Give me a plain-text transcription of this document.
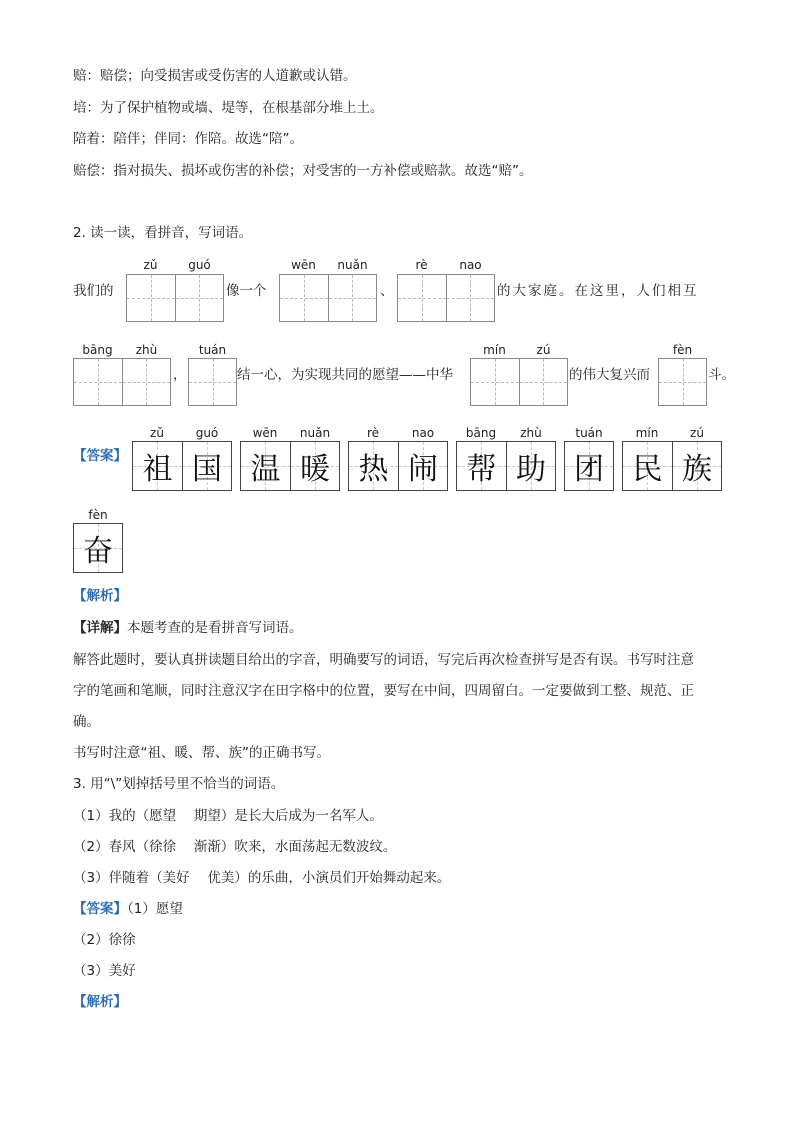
赔：赔偿；向受损害或受伤害的人道歉或认错。
培：为了保护植物或墙、堤等，在根基部分堆上土。
陪着：陪伴；伴同：作陪。故选“陪”。
赔偿：指对损失、损坏或伤害的补偿；对受害的一方补偿或赔款。故选“赔”。
2. 读一读，看拼音，写词语。
我们的
zǔ	guó
像一个
wēn	nuǎn
、
rè	nao
的大家庭。在这里，人们相互
bāng	zhù
，
tuán
结一心，为实现共同的愿望——中华
mín	zú
的伟大复兴而
fèn
斗。
【答案】
zǔ	guó
祖 国
wēn	nuǎn
温 暖
rè	nao
热 闹
bāng	zhù
帮 助
tuán
团
mín	zú
民 族
fèn
奋
【解析】
【详解】本题考查的是看拼音写词语。
解答此题时，要认真拼读题目给出的字音，明确要写的词语，写完后再次检查拼写是否有误。书写时注意
字的笔画和笔顺，同时注意汉字在田字格中的位置，要写在中间，四周留白。一定要做到工整、规范、正
确。
书写时注意“祖、暖、帮、族”的正确书写。
3. 用“\”划掉括号里不恰当的词语。
（1）我的（愿望　 期望）是长大后成为一名军人。
（2）春风（徐徐　 渐渐）吹来，水面荡起无数波纹。
（3）伴随着（美好　 优美）的乐曲，小演员们开始舞动起来。
【答案】（1）愿望
（2）徐徐
（3）美好
【解析】
